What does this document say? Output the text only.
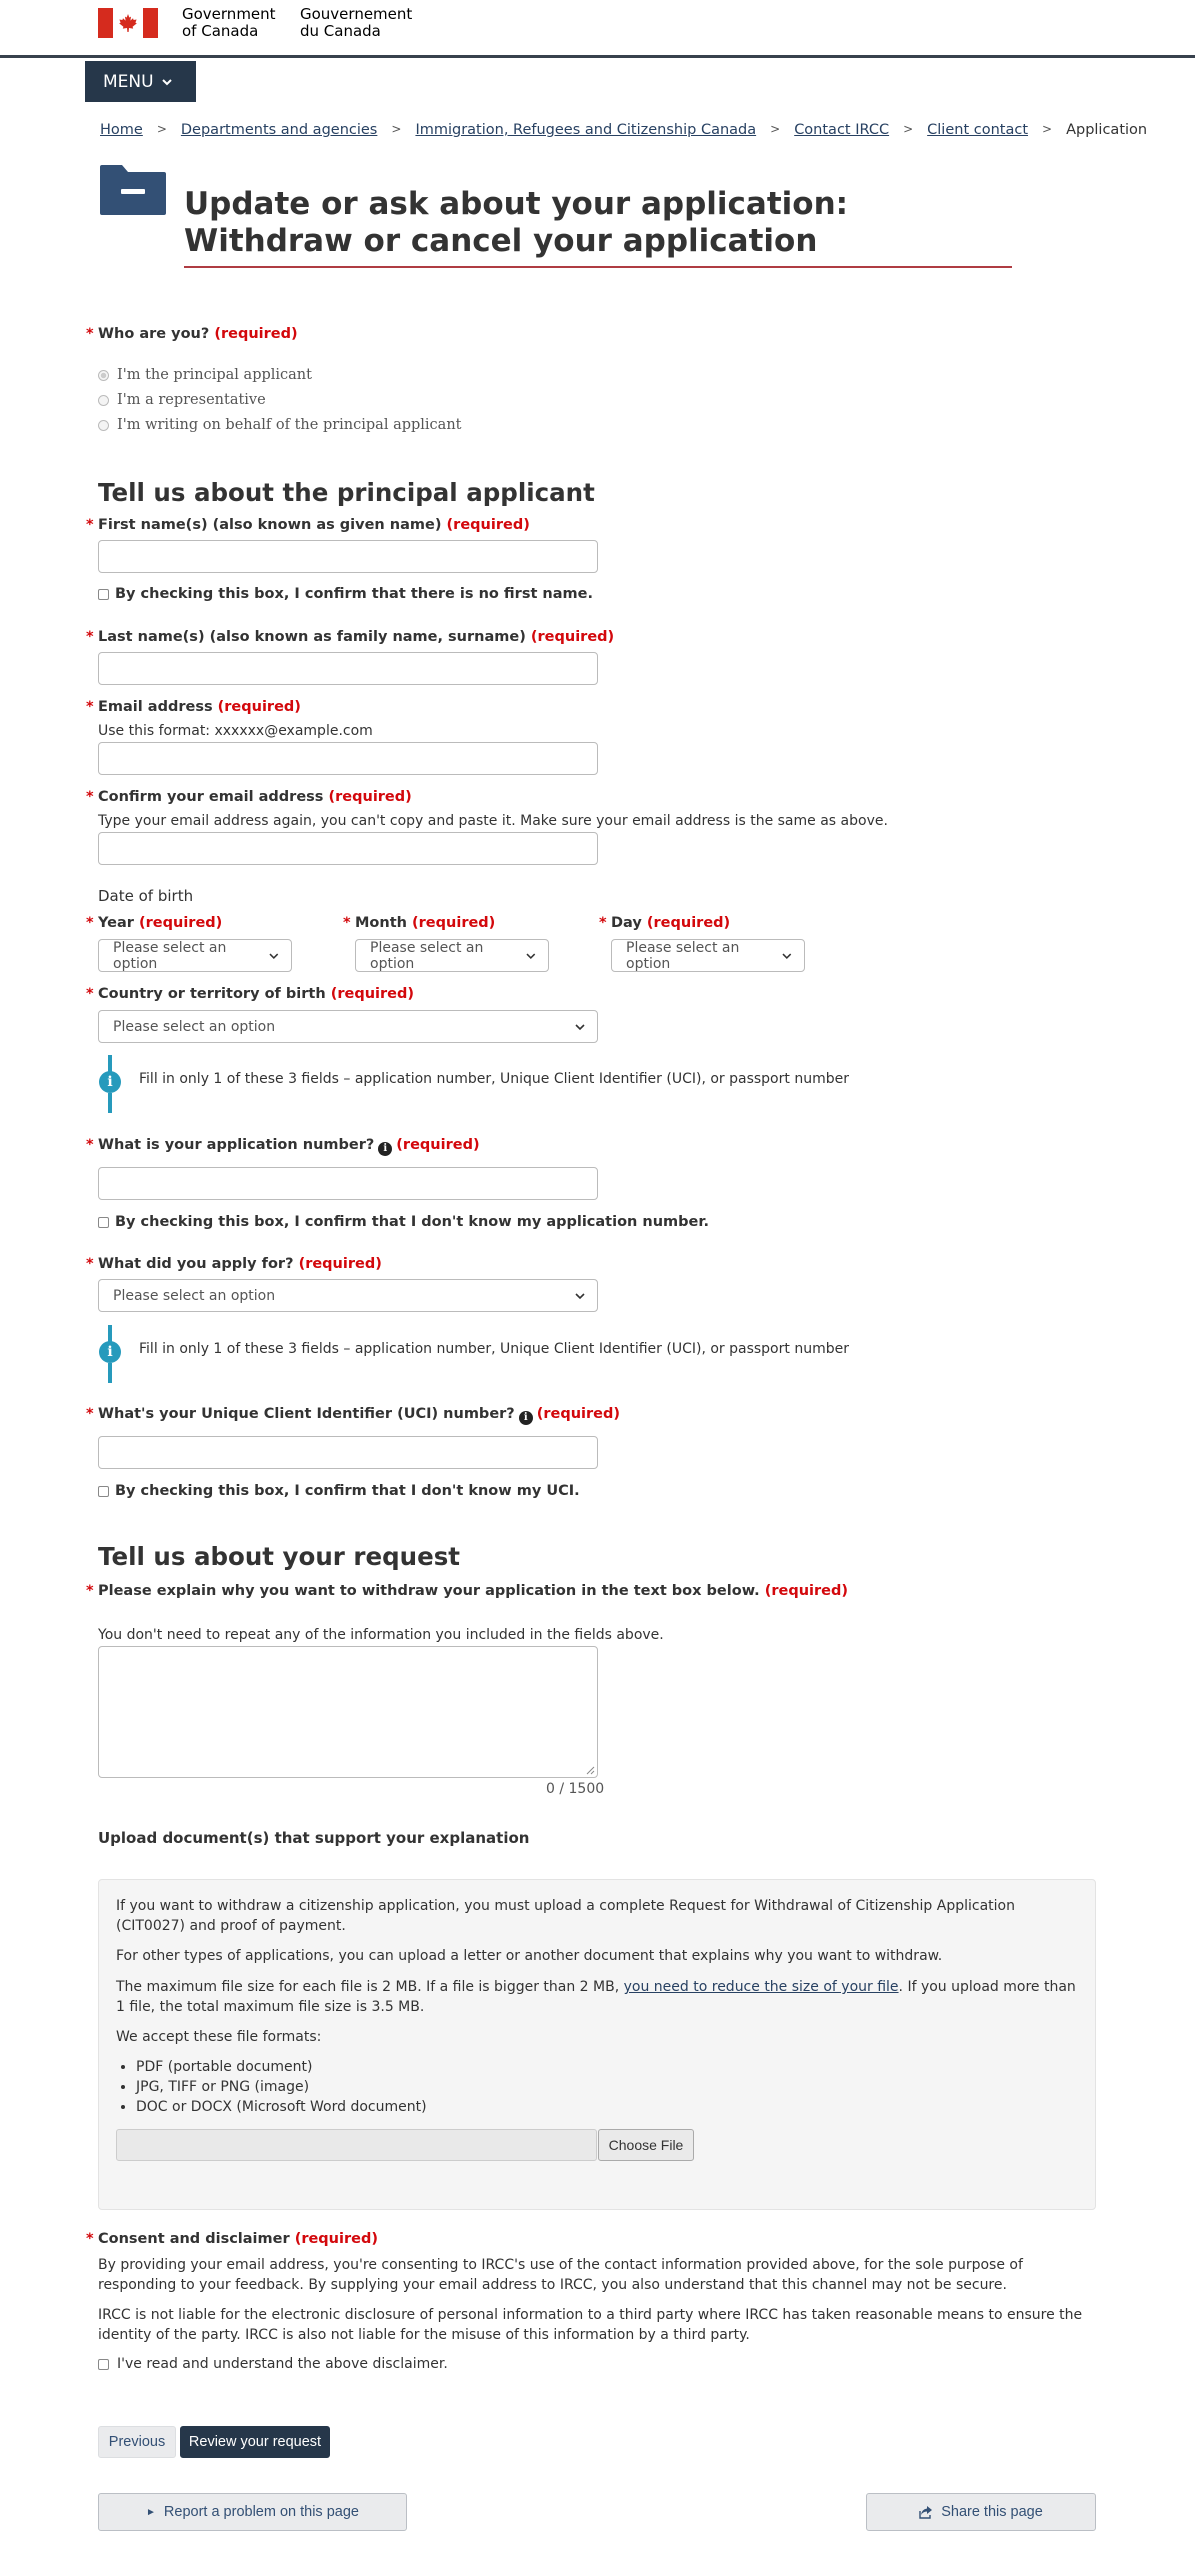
Government
of Canada
Gouvernement
du Canada
MENU
Home > Departments and agencies > Immigration, Refugees and Citizenship Canada > Contact IRCC > Client contact > Application
Update or ask about your application: Withdraw or cancel your application
* Who are you? (required)
I'm the principal applicant
I'm a representative
I'm writing on behalf of the principal applicant
Tell us about the principal applicant
* First name(s) (also known as given name) (required)
By checking this box, I confirm that there is no first name.
* Last name(s) (also known as family name, surname) (required)
* Email address (required)
Use this format: xxxxxx@example.com
* Confirm your email address (required)
Type your email address again, you can't copy and paste it. Make sure your email address is the same as above.
Date of birth
* Year (required)
Please select an option
* Month (required)
Please select an option
* Day (required)
Please select an option
* Country or territory of birth (required)
Please select an option
i	Fill in only 1 of these 3 fields – application number, Unique Client Identifier (UCI), or passport number
* What is your application number? i (required)
By checking this box, I confirm that I don't know my application number.
* What did you apply for? (required)
Please select an option
i	Fill in only 1 of these 3 fields – application number, Unique Client Identifier (UCI), or passport number
* What's your Unique Client Identifier (UCI) number? i (required)
By checking this box, I confirm that I don't know my UCI.
Tell us about your request
* Please explain why you want to withdraw your application in the text box below. (required)
You don't need to repeat any of the information you included in the fields above.
0 / 1500
Upload document(s) that support your explanation

If you want to withdraw a citizenship application, you must upload a complete Request for Withdrawal of Citizenship Application (CIT0027) and proof of payment.

For other types of applications, you can upload a letter or another document that explains why you want to withdraw.

The maximum file size for each file is 2 MB. If a file is bigger than 2 MB, you need to reduce the size of your file. If you upload more than 1 file, the total maximum file size is 3.5 MB.

We accept these file formats:

• PDF (portable document)
• JPG, TIFF or PNG (image)
• DOC or DOCX (Microsoft Word document)
Choose File
* Consent and disclaimer (required)

By providing your email address, you're consenting to IRCC's use of the contact information provided above, for the sole purpose of responding to your feedback. By supplying your email address to IRCC, you also understand that this channel may not be secure.

IRCC is not liable for the electronic disclosure of personal information to a third party where IRCC has taken reasonable means to ensure the identity of the party. IRCC is also not liable for the misuse of this information by a third party.

I've read and understand the above disclaimer.
Previous	Review your request
► Report a problem on this page	Share this page
